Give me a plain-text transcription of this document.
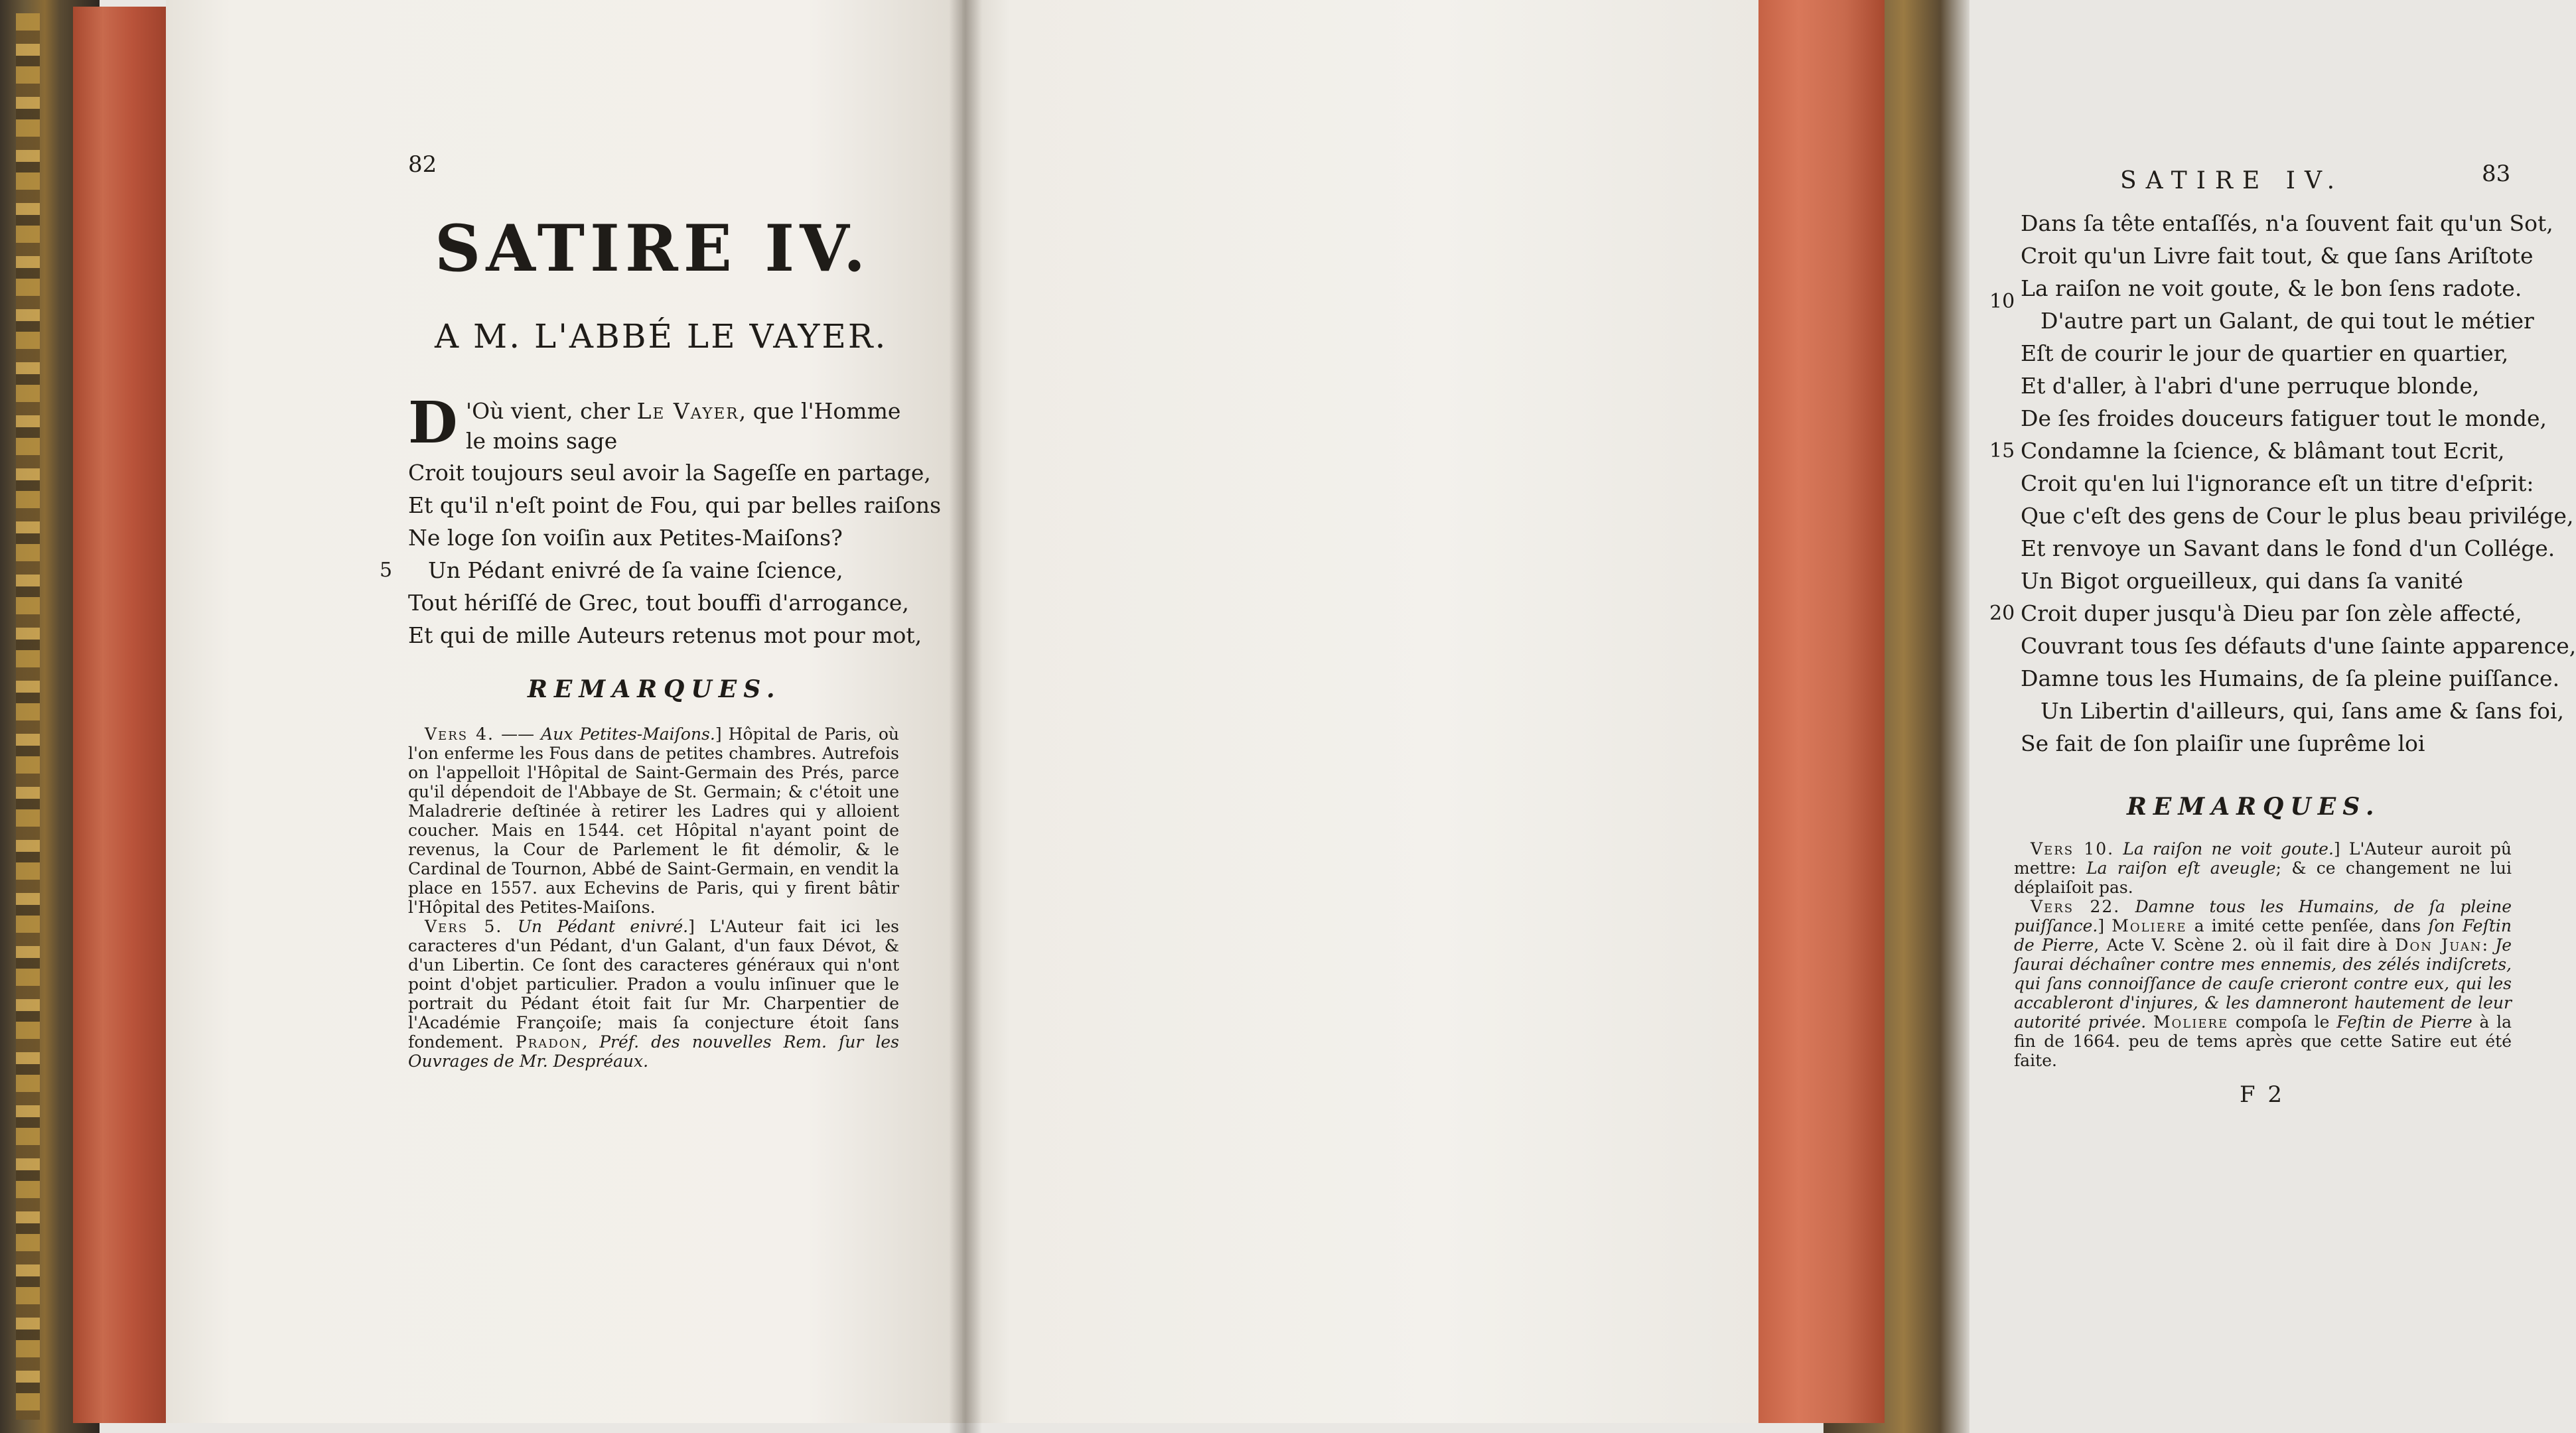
82
SATIRE IV.
A M. L'ABBÉ LE VAYER.
D 'Où vient, cher Le Vayer, que l'Homme
le moins sage
Croit toujours seul avoir la Sageſſe en partage,
Et qu'il n'eſt point de Fou, qui par belles raiſons
Ne loge ſon voiſin aux Petites-Maiſons?
5 Un Pédant enivré de ſa vaine ſcience,
Tout hériſſé de Grec, tout bouffi d'arrogance,
Et qui de mille Auteurs retenus mot pour mot,
REMARQUES.

 Vers 4. —— Aux Petites-Maiſons.] Hôpital de Paris, où l'on enferme les Fous dans de petites chambres. Autrefois on l'appelloit l'Hôpital de Saint-Germain des Prés, parce qu'il dépendoit de l'Abbaye de St. Germain; & c'étoit une Maladrerie deſtinée à retirer les Ladres qui y alloient coucher. Mais en 1544. cet Hôpital n'ayant point de revenus, la Cour de Parlement le fit démolir, & le Cardinal de Tournon, Abbé de Saint-Germain, en vendit la place en 1557. aux Echevins de Paris, qui y firent bâtir l'Hôpital des Petites-Maiſons.

 Vers 5. Un Pédant enivré.] L'Auteur fait ici les caracteres d'un Pédant, d'un Galant, d'un faux Dévot, & d'un Libertin. Ce ſont des caracteres généraux qui n'ont point d'objet particulier. Pradon a voulu inſinuer que le portrait du Pédant étoit fait ſur Mr. Charpentier de l'Académie Françoiſe; mais ſa conjecture étoit ſans fondement. Pradon, Préf. des nouvelles Rem. ſur les Ouvrages de Mr. Despréaux.

SATIRE IV.	83
Dans ſa tête entaſſés, n'a ſouvent fait qu'un Sot,
Croit qu'un Livre fait tout, & que ſans Ariſtote
10
La raiſon ne voit goute, & le bon ſens radote.
D'autre part un Galant, de qui tout le métier
Eſt de courir le jour de quartier en quartier,
Et d'aller, à l'abri d'une perruque blonde,
De ſes froides douceurs fatiguer tout le monde,
15 Condamne la ſcience, & blâmant tout Ecrit,
Croit qu'en lui l'ignorance eſt un titre d'eſprit:
Que c'eſt des gens de Cour le plus beau privilége,
Et renvoye un Savant dans le fond d'un Collége.
Un Bigot orgueilleux, qui dans ſa vanité
20 Croit duper jusqu'à Dieu par ſon zèle affecté,
Couvrant tous ſes défauts d'une ſainte apparence,
Damne tous les Humains, de ſa pleine puiſſance.
Un Libertin d'ailleurs, qui, ſans ame & ſans foi,
Se fait de ſon plaiſir une ſuprême loi
REMARQUES.

 Vers 10. La raiſon ne voit goute.] L'Auteur auroit pû mettre: La raiſon eſt aveugle; & ce changement ne lui déplaiſoit pas.

 Vers 22. Damne tous les Humains, de ſa pleine puiſſance.] Moliere a imité cette penſée, dans ſon Feſtin de Pierre, Acte V. Scène 2. où il fait dire à Don Juan: Je ſaurai déchaîner contre mes ennemis, des zélés indiſcrets, qui ſans connoiſſance de cauſe crieront contre eux, qui les accableront d'injures, & les damneront hautement de leur autorité privée. Moliere compoſa le Feſtin de Pierre à la fin de 1664. peu de tems après que cette Satire eut été faite.

F 2
